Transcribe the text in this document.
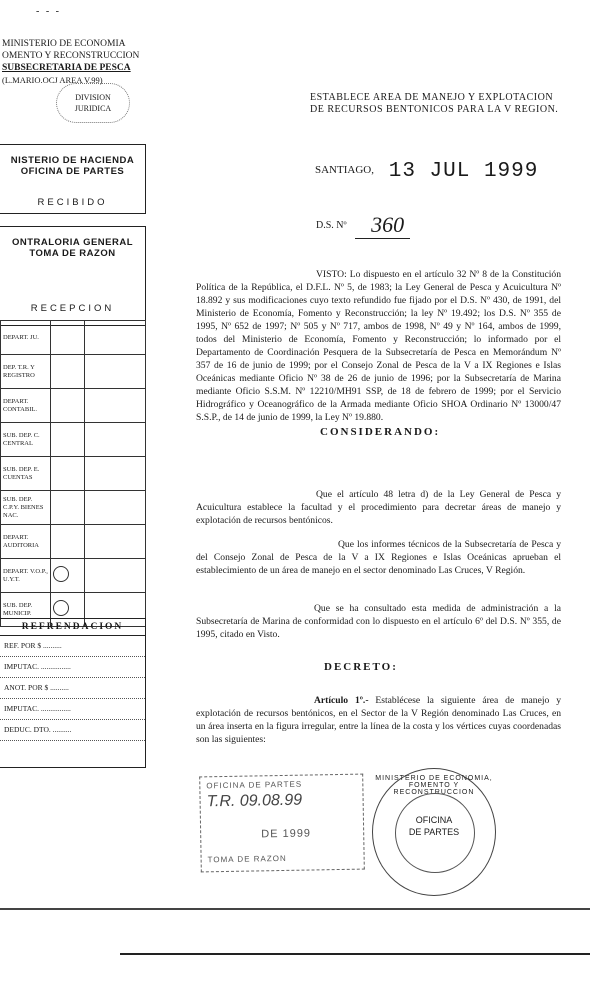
- - -
MINISTERIO DE ECONOMIA
OMENTO Y RECONSTRUCCION
SUBSECRETARIA DE PESCA
(L.MARIO.OCJ AREA V.99)
DIVISION
JURIDICA
NISTERIO DE HACIENDA
OFICINA DE PARTES
RECIBIDO
ONTRALORIA GENERAL
TOMA DE RAZON
RECEPCION
DEPART. JU.		
DEP. T.R. Y REGISTRO		
DEPART. CONTABIL.		
SUB. DEP. C. CENTRAL		
SUB. DEP. E. CUENTAS		
SUB. DEP. C.P.Y. BIENES NAC.		
DEPART. AUDITORIA		
DEPART. V.O.P., U.Y.T.		
SUB. DEP. MUNICIP.		
REFRENDACION
REF. POR $ ..........
IMPUTAC. ................
ANOT. POR $ ..........
IMPUTAC. ................
DEDUC. DTO. ..........
ESTABLECE AREA DE MANEJO Y EXPLOTACION DE RECURSOS BENTONICOS PARA LA V REGION.
SANTIAGO, 13 JUL 1999
D.S. Nº 360
VISTO: Lo dispuesto en el artículo 32 Nº 8 de la Constitución Política de la República, el D.F.L. Nº 5, de 1983; la Ley General de Pesca y Acuicultura Nº 18.892 y sus modificaciones cuyo texto refundido fue fijado por el D.S. Nº 430, de 1991, del Ministerio de Economía, Fomento y Reconstrucción; la ley Nº 19.492; los D.S. Nº 355 de 1995, Nº 652 de 1997; Nº 505 y Nº 717, ambos de 1998, Nº 49 y Nº 164, ambos de 1999, todos del Ministerio de Economía, Fomento y Reconstrucción; lo informado por el Departamento de Coordinación Pesquera de la Subsecretaría de Pesca en Memorándum Nº 357 de 16 de junio de 1999; por el Consejo Zonal de Pesca de la V a IX Regiones e Islas Oceánicas mediante Oficio Nº 38 de 26 de junio de 1996; por la Subsecretaría de Marina mediante Oficio S.S.M. Nº 12210/MH91 SSP, de 18 de febrero de 1999; por el Servicio Hidrográfico y Oceanográfico de la Armada mediante Oficio SHOA Ordinario Nº 13000/47 S.S.P., de 14 de junio de 1999, la Ley Nº 19.880.
CONSIDERANDO:
Que el artículo 48 letra d) de la Ley General de Pesca y Acuicultura establece la facultad y el procedimiento para decretar áreas de manejo y explotación de recursos bentónicos.
Que los informes técnicos de la Subsecretaría de Pesca y del Consejo Zonal de Pesca de la V a IX Regiones e Islas Oceánicas aprueban el establecimiento de un área de manejo en el sector denominado Las Cruces, V Región.
Que se ha consultado esta medida de administración a la Subsecretaría de Marina de conformidad con lo dispuesto en el artículo 6º del D.S. Nº 355, de 1995, citado en Visto.
DECRETO:
Artículo 1º.- Establécese la siguiente área de manejo y explotación de recursos bentónicos, en el Sector de la V Región denominado Las Cruces, en un área inserta en la figura irregular, entre la línea de la costa y los vértices cuyas coordenadas son las siguientes:
OFICINA DE PARTES
T.R. 09.08.99
DE 1999
TOMA DE RAZON
MINISTERIO DE ECONOMIA, FOMENTO Y RECONSTRUCCION
OFICINA
DE PARTES
